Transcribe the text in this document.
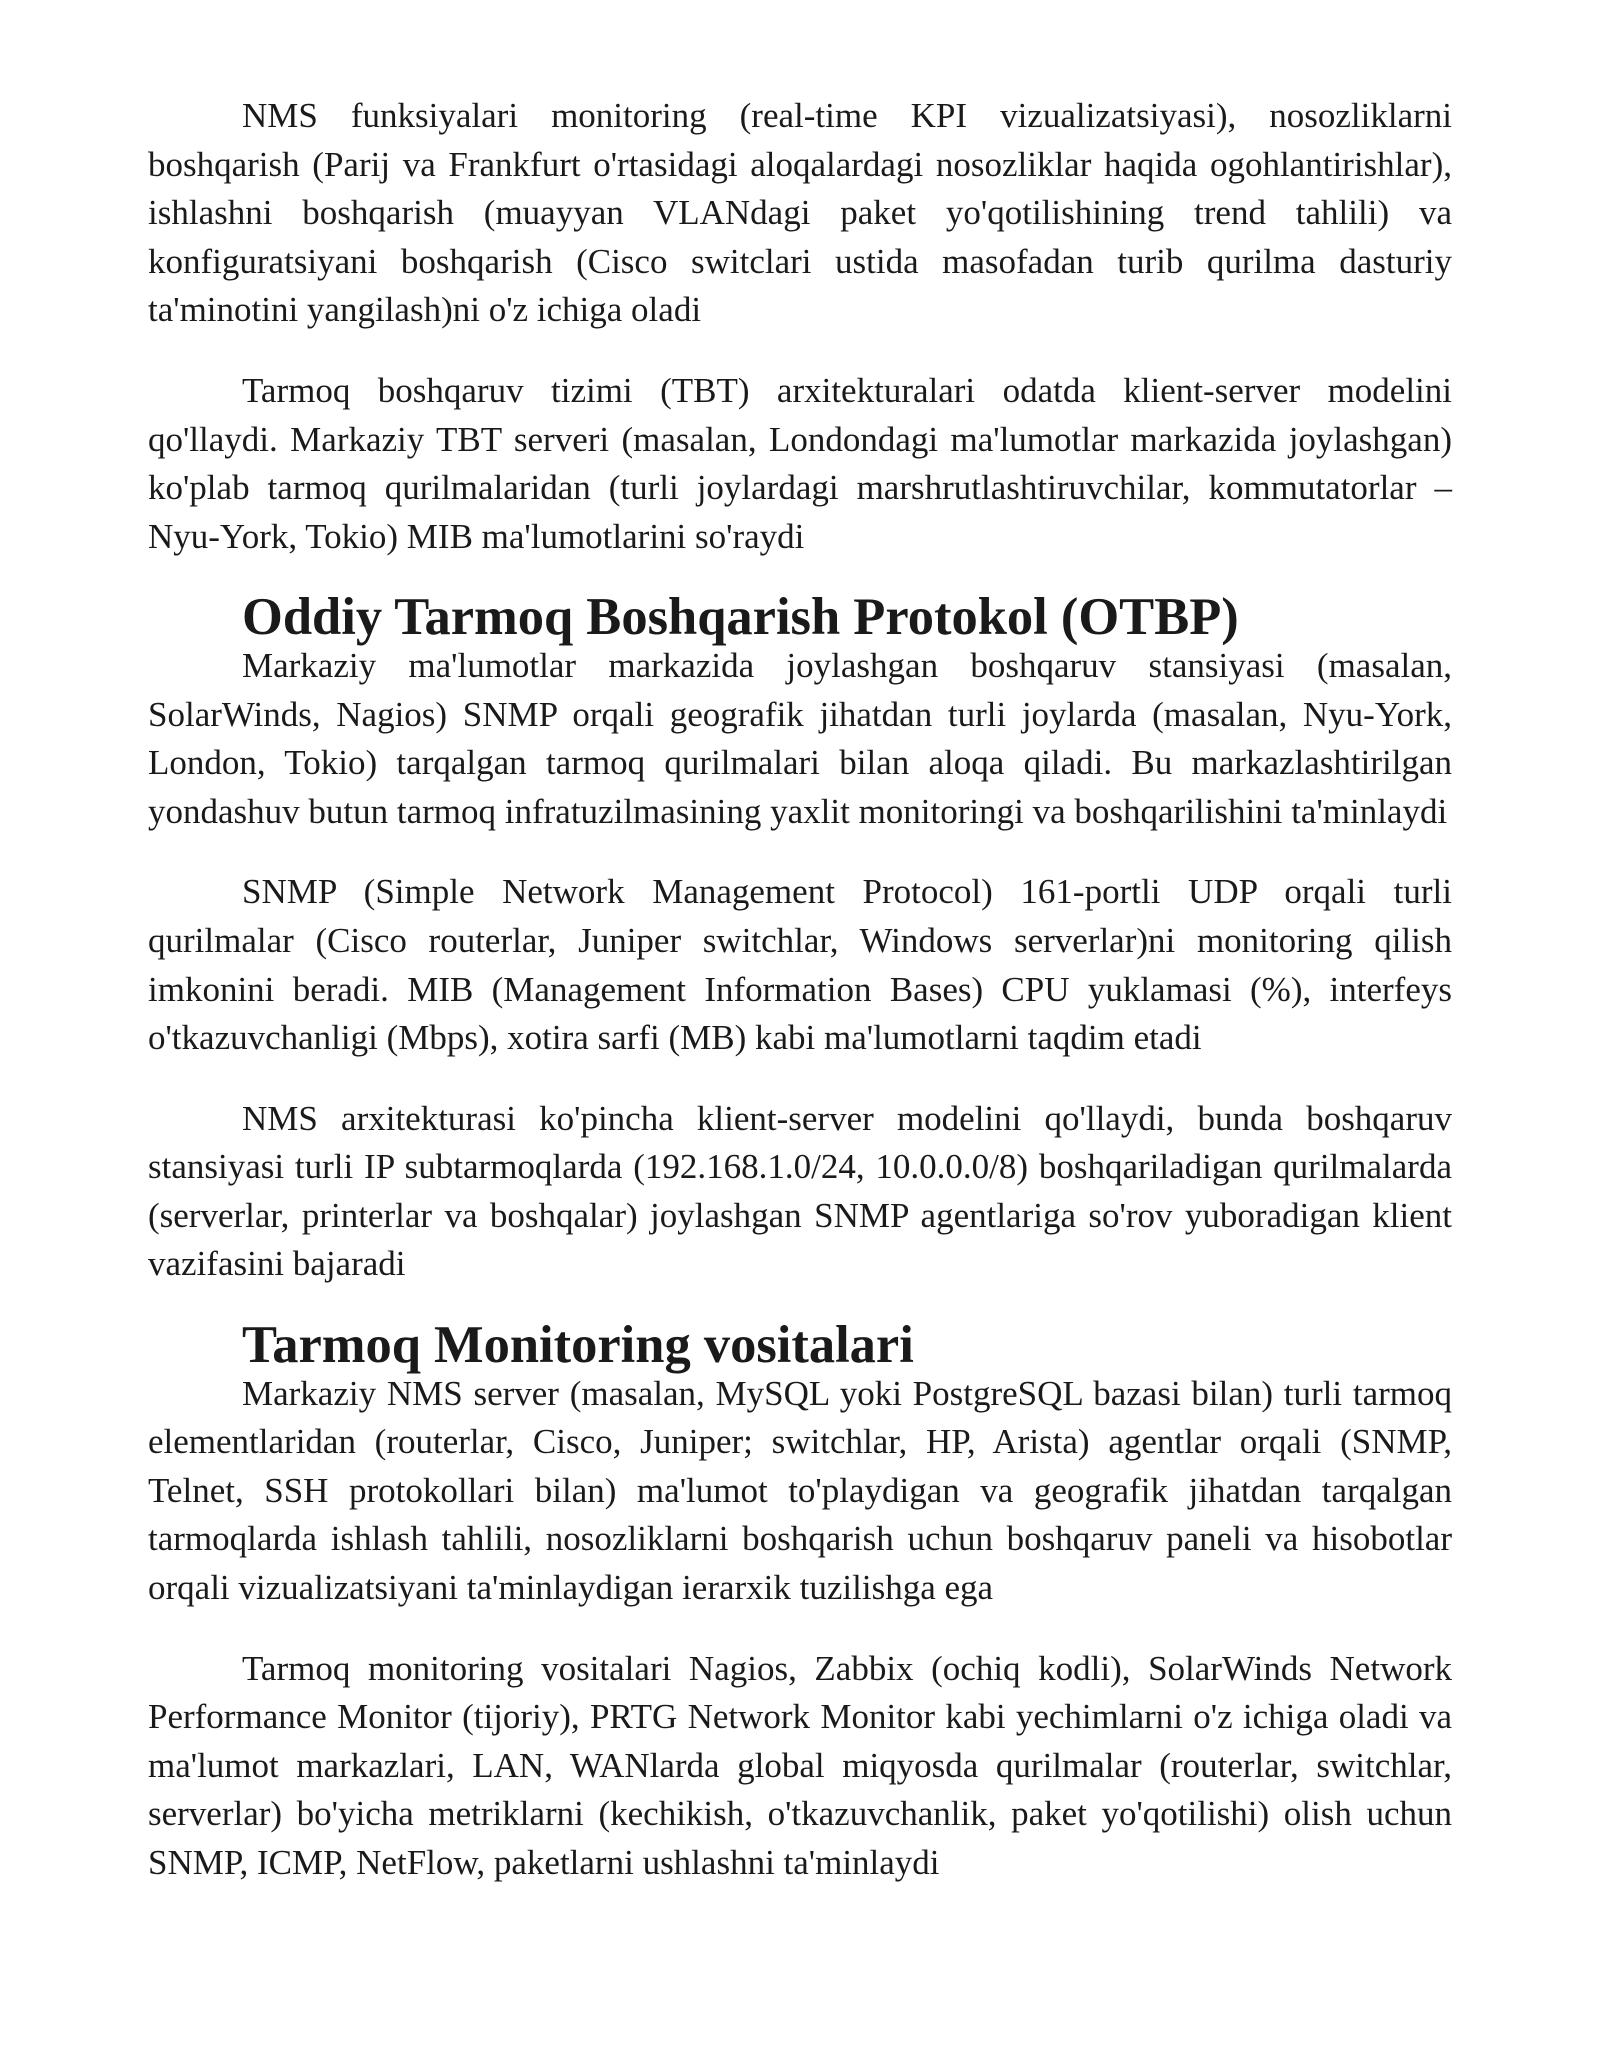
NMS funksiyalari monitoring (real-time KPI vizualizatsiyasi), nosozliklarni boshqarish (Parij va Frankfurt o'rtasidagi aloqalardagi nosozliklar haqida ogohlantirishlar), ishlashni boshqarish (muayyan VLANdagi paket yo'qotilishining trend tahlili) va konfiguratsiyani boshqarish (Cisco switclari ustida masofadan turib qurilma dasturiy ta'minotini yangilash)ni o'z ichiga oladi

Tarmoq boshqaruv tizimi (TBT) arxitekturalari odatda klient-server modelini qo'llaydi. Markaziy TBT serveri (masalan, Londondagi ma'lumotlar markazida joylashgan) ko'plab tarmoq qurilmalaridan (turli joylardagi marshrutlashtiruvchilar, kommutatorlar – Nyu-York, Tokio) MIB ma'lumotlarini so'raydi

Oddiy Tarmoq Boshqarish Protokol (OTBP)

Markaziy ma'lumotlar markazida joylashgan boshqaruv stansiyasi (masalan, SolarWinds, Nagios) SNMP orqali geografik jihatdan turli joylarda (masalan, Nyu-York, London, Tokio) tarqalgan tarmoq qurilmalari bilan aloqa qiladi. Bu markazlashtirilgan yondashuv butun tarmoq infratuzilmasining yaxlit monitoringi va boshqarilishini ta'minlaydi

SNMP (Simple Network Management Protocol) 161-portli UDP orqali turli qurilmalar (Cisco routerlar, Juniper switchlar, Windows serverlar)ni monitoring qilish imkonini beradi. MIB (Management Information Bases) CPU yuklamasi (%), interfeys o'tkazuvchanligi (Mbps), xotira sarfi (MB) kabi ma'lumotlarni taqdim etadi

NMS arxitekturasi ko'pincha klient-server modelini qo'llaydi, bunda boshqaruv stansiyasi turli IP subtarmoqlarda (192.168.1.0/24, 10.0.0.0/8) boshqariladigan qurilmalarda (serverlar, printerlar va boshqalar) joylashgan SNMP agentlariga so'rov yuboradigan klient vazifasini bajaradi

Tarmoq Monitoring vositalari

Markaziy NMS server (masalan, MySQL yoki PostgreSQL bazasi bilan) turli tarmoq elementlaridan (routerlar, Cisco, Juniper; switchlar, HP, Arista) agentlar orqali (SNMP, Telnet, SSH protokollari bilan) ma'lumot to'playdigan va geografik jihatdan tarqalgan tarmoqlarda ishlash tahlili, nosozliklarni boshqarish uchun boshqaruv paneli va hisobotlar orqali vizualizatsiyani ta'minlaydigan ierarxik tuzilishga ega

Tarmoq monitoring vositalari Nagios, Zabbix (ochiq kodli), SolarWinds Network Performance Monitor (tijoriy), PRTG Network Monitor kabi yechimlarni o'z ichiga oladi va ma'lumot markazlari, LAN, WANlarda global miqyosda qurilmalar (routerlar, switchlar, serverlar) bo'yicha metriklarni (kechikish, o'tkazuvchanlik, paket yo'qotilishi) olish uchun SNMP, ICMP, NetFlow, paketlarni ushlashni ta'minlaydi
